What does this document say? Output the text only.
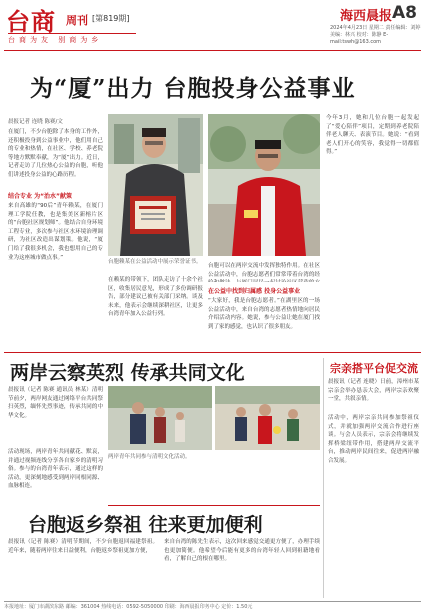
台商 周刊 [第819期]
台商为友 别商为乡
海西晨报 A8
2024年4月23日 星期二 责任编辑：刘婷 美编：林兴 校对：陈静 E-mail:tswh@163.com
为“厦”出力 台胞投身公益事业
晨报记者 连晓 陈赛/文
在厦门，不少台胞除了本身的工作外，还积极投身到公益事业中，他们用自己的专业和热情，在社区、学校、养老院等地方默默奉献，为“厦”出力。近日，记者走访了几位热心公益的台胞，听他们讲述投身公益的心路历程。
结合专业 为“治水”献策
来自高雄的“90后”青年赖某，在厦门理工学院任教，也是集美区新榕片区的“台胞社区规划师”。他结合自身环境工程专业，多次参与社区水环境治理调研，为社区改造出谋划策。他说，“厦门给了我很多机会，我也想用自己的专业为这座城市做点事。”
台胞赖某在公益活动中展示荣誉证书。
在赖某的带领下，团队走访了十余个社区，收集居民意见，形成了多份调研报告，部分建议已被有关部门采纳。谈及未来，他表示会继续深耕社区，让更多台湾青年加入公益行列。
台胞可以在两岸交流中发挥独特作用。在社区公益活动中，台胞志愿者们常常带着台湾的经
在公益中找到归属感 投身公益事业
“大家好，我是台胞志愿者。”在湖里区的一场公益活动中，来自台湾的志愿者热情地向居民介绍活动内容。她说，参与公益让她在厦门找到了家的感觉，也认识了很多朋友。
今年3月，她和几位台胞一起发起了“爱心陪伴”项目，定期到养老院陪伴老人聊天、表演节目。她说：“看到老人们开心的笑容，我觉得一切都值得。”
两岸云察英烈 传承共同文化
晨报讯（记者 陈赛 通讯员 林某）清明节前夕，两岸网友通过网络平台共同祭扫英烈，缅怀先烈事迹，传承共同的中华文化。
活动现场，两岸青年共同献花、默哀，并通过视频连线分享各自家乡的清明习俗。参与的台湾青年表示，通过这样的活动，更深刻地感受到两岸同根同源、血脉相连。
两岸青年共同参与清明文化活动。
台胞返乡祭祖 往来更加便利
晨报讯（记者 陈赛）清明节期间，不少台胞返回福建祭祖。近年来，随着两岸往来日益便利，台胞返乡祭祖更加方便，
来自台湾的陈先生表示，这次回来感觉交通更方便了，办理手续也更加简便。他希望今后能有更多的台湾年轻人回到祖籍地看看，了解自己的根在哪里。
宗亲搭平台促交流
晨报讯（记者 连晓）日前，漳州市某宗亲会举办恳亲大会，两岸宗亲欢聚一堂，共叙亲情。
活动中，两岸宗亲共同参加祭祖仪式，并就加强两岸交流合作进行座谈。与会人员表示，宗亲会将继续发挥桥梁纽带作用，搭建两岸交流平台，推动两岸民间往来，促进两岸融合发展。
本报地址：厦门市湖滨东路 邮编：361004 热线电话：0592-5050000 印刷：海西晨报印务中心 定价：1.50元
